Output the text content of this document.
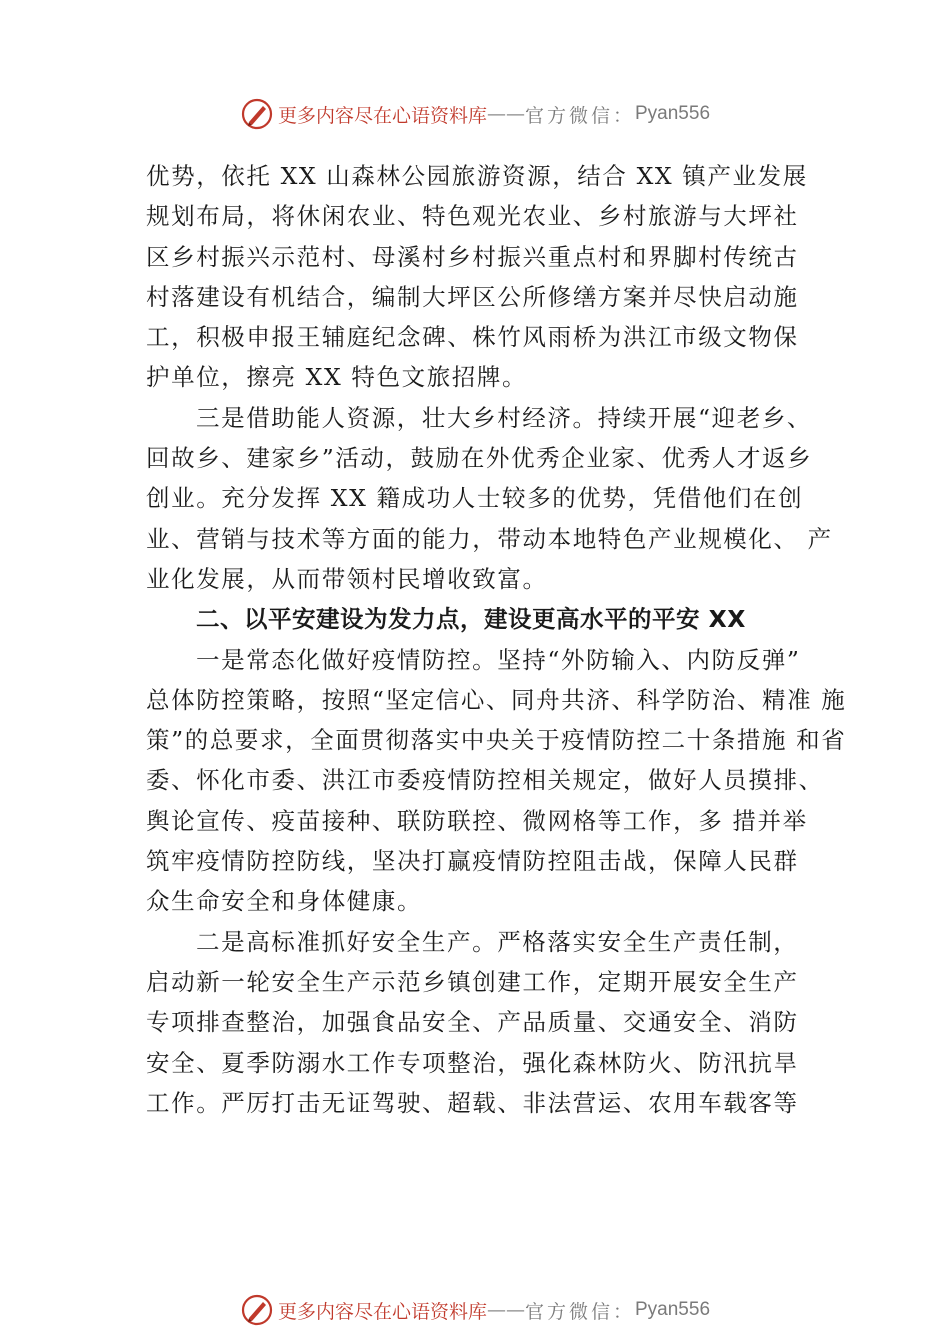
更多内容尽在心语资料库 —— 官方微信： Pyan556

优势，依托 XX 山森林公园旅游资源，结合 XX 镇产业发展
规划布局，将休闲农业、特色观光农业、乡村旅游与大坪社
区乡村振兴示范村、母溪村乡村振兴重点村和界脚村传统古
村落建设有机结合，编制大坪区公所修缮方案并尽快启动施
工，积极申报王辅庭纪念碑、株竹风雨桥为洪江市级文物保
护单位，擦亮 XX 特色文旅招牌。

三是借助能人资源，壮大乡村经济。持续开展“迎老乡、
回故乡、建家乡”活动，鼓励在外优秀企业家、优秀人才返乡
创业。充分发挥 XX 籍成功人士较多的优势，凭借他们在创
业、营销与技术等方面的能力，带动本地特色产业规模化、 产
业化发展，从而带领村民增收致富。

二、以平安建设为发力点，建设更高水平的平安 XX

一是常态化做好疫情防控。坚持“外防输入、内防反弹”
总体防控策略，按照“坚定信心、同舟共济、科学防治、精准 施
策”的总要求，全面贯彻落实中央关于疫情防控二十条措施 和省
委、怀化市委、洪江市委疫情防控相关规定，做好人员摸排、
舆论宣传、疫苗接种、联防联控、微网格等工作，多 措并举
筑牢疫情防控防线，坚决打赢疫情防控阻击战，保障人民群
众生命安全和身体健康。

二是高标准抓好安全生产。严格落实安全生产责任制，
启动新一轮安全生产示范乡镇创建工作，定期开展安全生产
专项排查整治，加强食品安全、产品质量、交通安全、消防
安全、夏季防溺水工作专项整治，强化森林防火、防汛抗旱
工作。严厉打击无证驾驶、超载、非法营运、农用车载客等

更多内容尽在心语资料库 —— 官方微信： Pyan556
